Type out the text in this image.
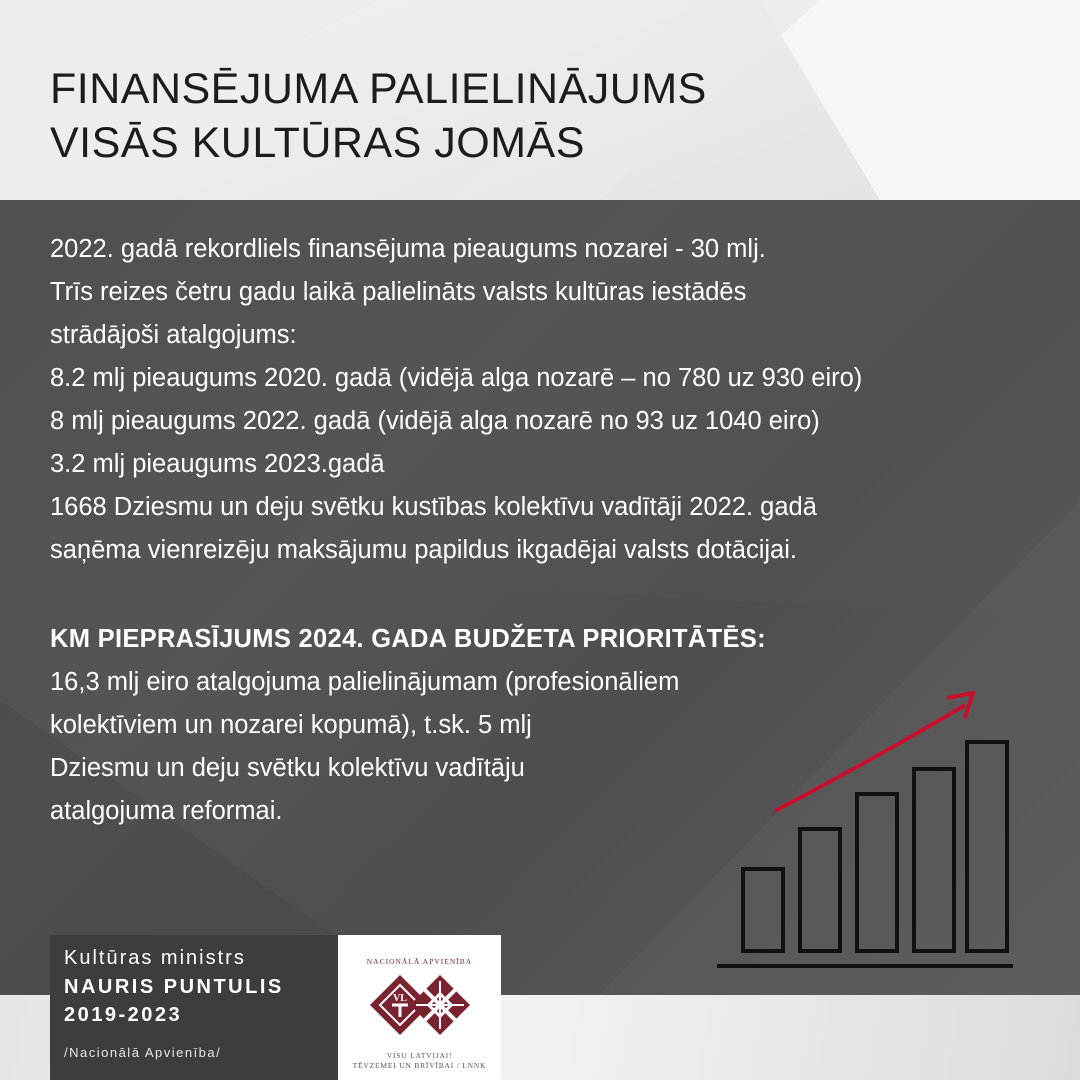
FINANSĒJUMA PALIELINĀJUMS
VISĀS KULTŪRAS JOMĀS
2022. gadā rekordliels finansējuma pieaugums nozarei - 30 mlj.
Trīs reizes četru gadu laikā palielināts valsts kultūras iestādēs
strādājoši atalgojums:
8.2 mlj pieaugums 2020. gadā (vidējā alga nozarē – no 780 uz 930 eiro)
8 mlj pieaugums 2022. gadā (vidējā alga nozarē no 93 uz 1040 eiro)
3.2 mlj pieaugums 2023.gadā
1668 Dziesmu un deju svētku kustības kolektīvu vadītāji 2022. gadā
saņēma vienreizēju maksājumu papildus ikgadējai valsts dotācijai.
KM PIEPRASĪJUMS 2024. GADA BUDŽETA PRIORITĀTĒS:
16,3 mlj eiro atalgojuma palielinājumam (profesionāliem
kolektīviem un nozarei kopumā), t.sk. 5 mlj
Dziesmu un deju svētku kolektīvu vadītāju
atalgojuma reformai.
Kultūras ministrs
NAURIS PUNTULIS
2019-2023
/Nacionālā Apvienība/
NACIONĀLĀ APVIENĪBA
VL
VISU LATVIJAI!
TĒVZEMEI UN BRĪVĪBAI / LNNK
